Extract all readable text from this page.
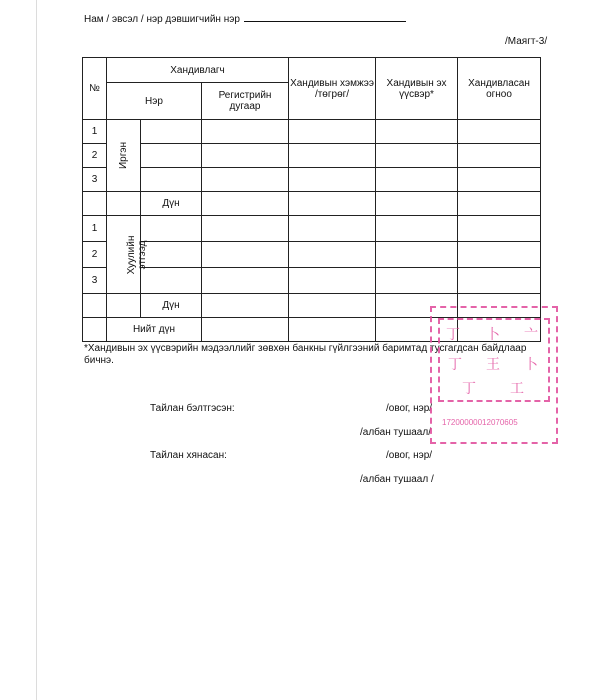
Нам / эвсэл / нэр дэвшигчийн нэр
/Маягт-3/
№	Хандивлагч			Хандивын хэмжээ /төгрөг/	Хандивын эх үүсвэр*	Хандивласан огноо
	Нэр		Регистрийн дугаар			
1	Иргэн					
2						
3						
		Дүн				
1	Хуулийн этгээд					
2						
3						
		Дүн				
	Нийт дүн					
*Хандивын эх үүсвэрийн мэдээллийг зөвхөн банкны гүйлгээний баримтад тусгагдсан байдлаар бичнэ.
Тайлан бэлтгэсэн:	/овог, нэр/
/албан тушаал/
Тайлан хянасан:	/овог, нэр/
/албан тушаал /
丁 卜 亠
丁 王 卜
丁 工
17200000012070605
